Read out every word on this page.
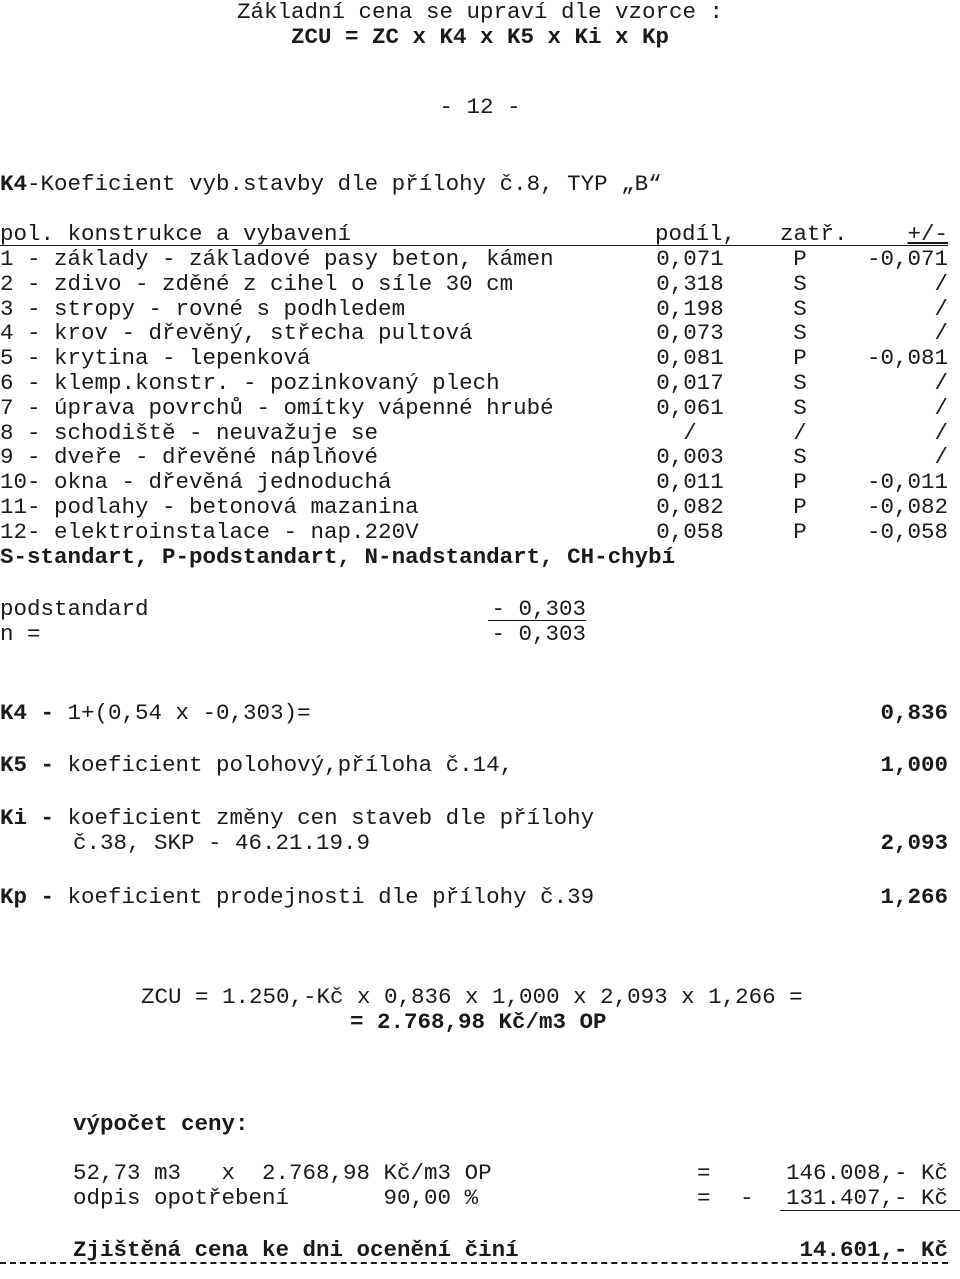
Základní cena se upraví dle vzorce :
ZCU = ZC x K4 x K5 x Ki x Kp
- 12 -
K4-Koeficient vyb.stavby dle přílohy č.8, TYP „B“
pol. konstrukce a vybavení	podíl, zatř.	+/-
1 - základy - základové pasy beton, kámen	0,071	P	-0,071
2 - zdivo - zděné z cihel o síle 30 cm	0,318	S	/
3 - stropy - rovné s podhledem	0,198	S	/
4 - krov - dřevěný, střecha pultová	0,073	S	/
5 - krytina - lepenková	0,081	P	-0,081
6 - klemp.konstr. - pozinkovaný plech	0,017	S	/
7 - úprava povrchů - omítky vápenné hrubé	0,061	S	/
8 - schodiště - neuvažuje se	/	/	/
9 - dveře - dřevěné náplňové	0,003	S	/
10- okna - dřevěná jednoduchá	0,011	P	-0,011
11- podlahy - betonová mazanina	0,082	P	-0,082
12- elektroinstalace - nap.220V	0,058	P	-0,058
S-standart, P-podstandart, N-nadstandart, CH-chybí
podstandard	- 0,303
n =	- 0,303
K4 - 1+(0,54 x -0,303)=	0,836
K5 - koeficient polohový,příloha č.14,	1,000
Ki - koeficient změny cen staveb dle přílohy
č.38, SKP - 46.21.19.9	2,093
Kp - koeficient prodejnosti dle přílohy č.39	1,266
ZCU = 1.250,-Kč x 0,836 x 1,000 x 2,093 x 1,266 =
= 2.768,98 Kč/m3 OP
výpočet ceny:
52,73 m3   x  2.768,98 Kč/m3 OP	=	146.008,- Kč
odpis opotřebení       90,00 %	= -	131.407,- Kč
Zjištěná cena ke dni ocenění činí	14.601,- Kč
